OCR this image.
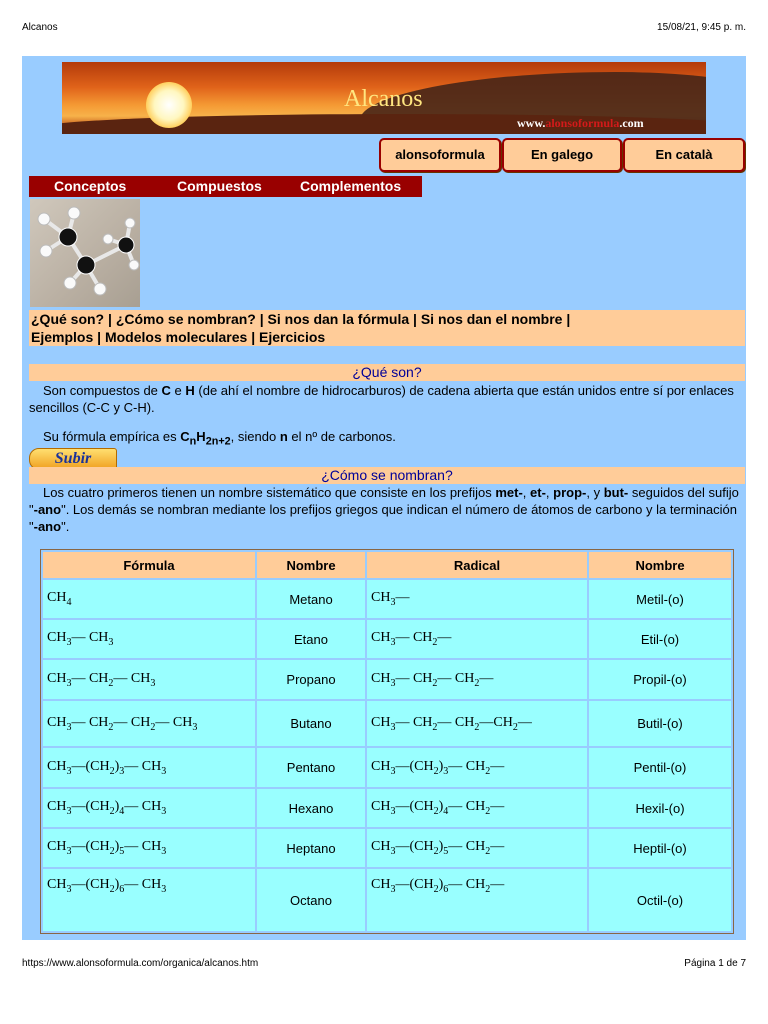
Alcanos	15/08/21, 9:45 p. m.
Alcanos
www.alonsoformula.com
alonsoformula	En galego	En català
Conceptos	Compuestos	Complementos
¿Qué son? | ¿Cómo se nombran? | Si nos dan la fórmula | Si nos dan el nombre |
Ejemplos | Modelos moleculares | Ejercicios
¿Qué son?
Son compuestos de C e H (de ahí el nombre de hidrocarburos) de cadena abierta que están unidos entre sí por enlaces sencillos (C-C y C-H).
Su fórmula empírica es $C_nH_{2n+2}$, siendo n el nº de carbonos.
Subir
¿Cómo se nombran?
Los cuatro primeros tienen un nombre sistemático que consiste en los prefijos met-, et-, prop-, y but- seguidos del sufijo "-ano". Los demás se nombran mediante los prefijos griegos que indican el número de átomos de carbono y la terminación "-ano".
Fórmula	Nombre	Radical	Nombre
$CH_4$	Metano	$CH_3—$	Metil-(o)
$CH_3—$ $CH_3$	Etano	$CH_3—$ $CH_2—$	Etil-(o)
$CH_3—$ $CH_2—$ $CH_3$	Propano	$CH_3—$ $CH_2—$ $CH_2—$	Propil-(o)
$CH_3—$ $CH_2—$ $CH_2—$ $CH_3$	Butano	$CH_3—$ $CH_2—$ $CH_2—CH_2—$	Butil-(o)
$CH_3—(CH_2)_3—$ $CH_3$	Pentano	$CH_3—(CH_2)_3—$ $CH_2—$	Pentil-(o)
$CH_3—(CH_2)_4—$ $CH_3$	Hexano	$CH_3—(CH_2)_4—$ $CH_2—$	Hexil-(o)
$CH_3—(CH_2)_5—$ $CH_3$	Heptano	$CH_3—(CH_2)_5—$ $CH_2—$	Heptil-(o)
$CH_3—(CH_2)_6—$ $CH_3$	Octano	$CH_3—(CH_2)_6—$ $CH_2—$	Octil-(o)
https://www.alonsoformula.com/organica/alcanos.htm	Página 1 de 7
